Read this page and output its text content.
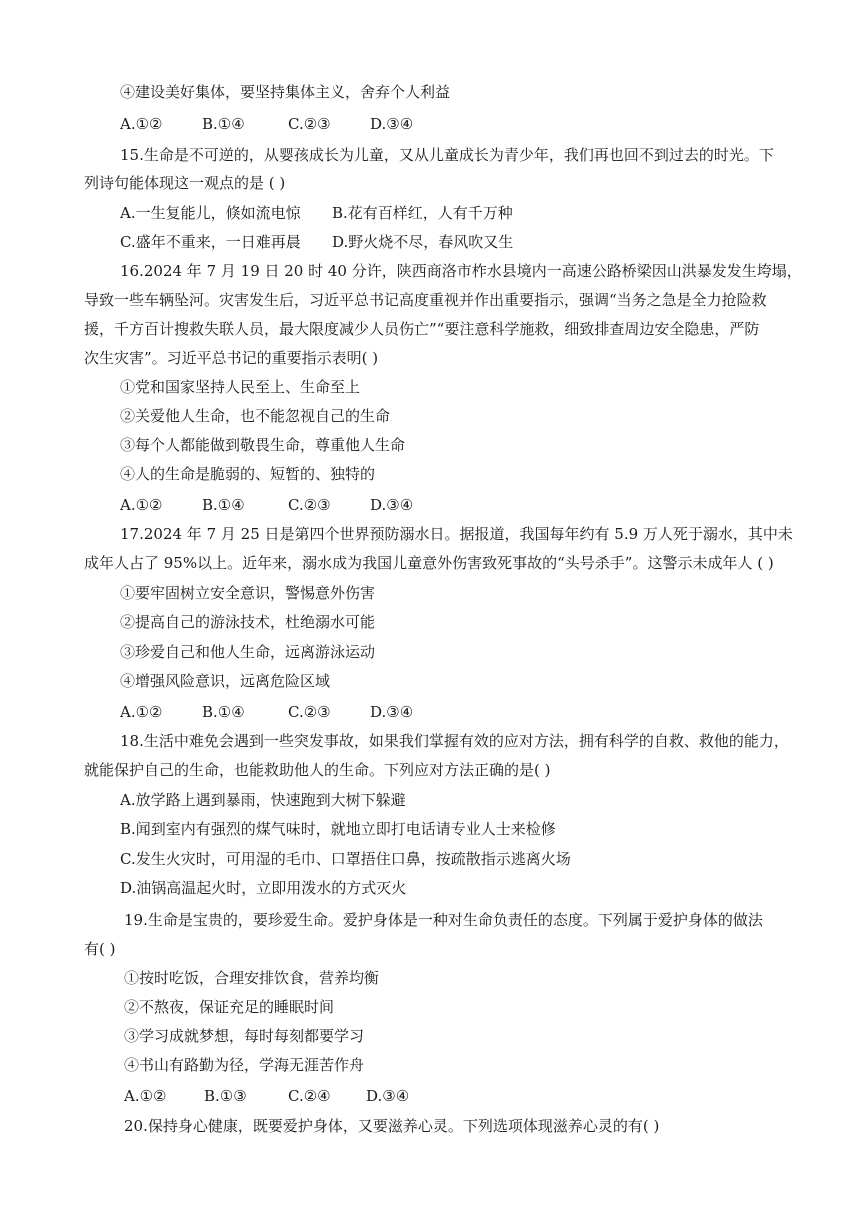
④建设美好集体，要坚持集体主义，舍弃个人利益
A.①②	B.①④	C.②③	D.③④
15.生命是不可逆的，从婴孩成长为儿童，又从儿童成长为青少年，我们再也回不到过去的时光。下
列诗句能体现这一观点的是 ( )
A.一生复能儿，倏如流电惊 B.花有百样红，人有千万种
C.盛年不重来，一日难再晨 D.野火烧不尽，春风吹又生
16.2024 年 7 月 19 日 20 时 40 分许，陕西商洛市柞水县境内一高速公路桥梁因山洪暴发发生垮塌，
导致一些车辆坠河。灾害发生后，习近平总书记高度重视并作出重要指示，强调“当务之急是全力抢险救
援，千方百计搜救失联人员，最大限度减少人员伤亡”“要注意科学施救，细致排查周边安全隐患，严防
次生灾害”。习近平总书记的重要指示表明( )
①党和国家坚持人民至上、生命至上
②关爱他人生命，也不能忽视自己的生命
③每个人都能做到敬畏生命，尊重他人生命
④人的生命是脆弱的、短暂的、独特的
A.①②	B.①④	C.②③	D.③④
17.2024 年 7 月 25 日是第四个世界预防溺水日。据报道，我国每年约有 5.9 万人死于溺水，其中未
成年人占了 95%以上。近年来，溺水成为我国儿童意外伤害致死事故的“头号杀手”。这警示未成年人 ( )
①要牢固树立安全意识，警惕意外伤害
②提高自己的游泳技术，杜绝溺水可能
③珍爱自己和他人生命，远离游泳运动
④增强风险意识，远离危险区域
A.①②	B.①④	C.②③	D.③④
18.生活中难免会遇到一些突发事故，如果我们掌握有效的应对方法，拥有科学的自救、救他的能力，
就能保护自己的生命，也能救助他人的生命。下列应对方法正确的是( )
A.放学路上遇到暴雨，快速跑到大树下躲避
B.闻到室内有强烈的煤气味时，就地立即打电话请专业人士来检修
C.发生火灾时，可用湿的毛巾、口罩捂住口鼻，按疏散指示逃离火场
D.油锅高温起火时，立即用泼水的方式灭火
19.生命是宝贵的，要珍爱生命。爱护身体是一种对生命负责任的态度。下列属于爱护身体的做法
有( )
①按时吃饭，合理安排饮食，营养均衡
②不熬夜，保证充足的睡眠时间
③学习成就梦想，每时每刻都要学习
④书山有路勤为径，学海无涯苦作舟
A.①②	B.①③	C.②④ D.③④
20.保持身心健康，既要爱护身体，又要滋养心灵。下列选项体现滋养心灵的有( )
